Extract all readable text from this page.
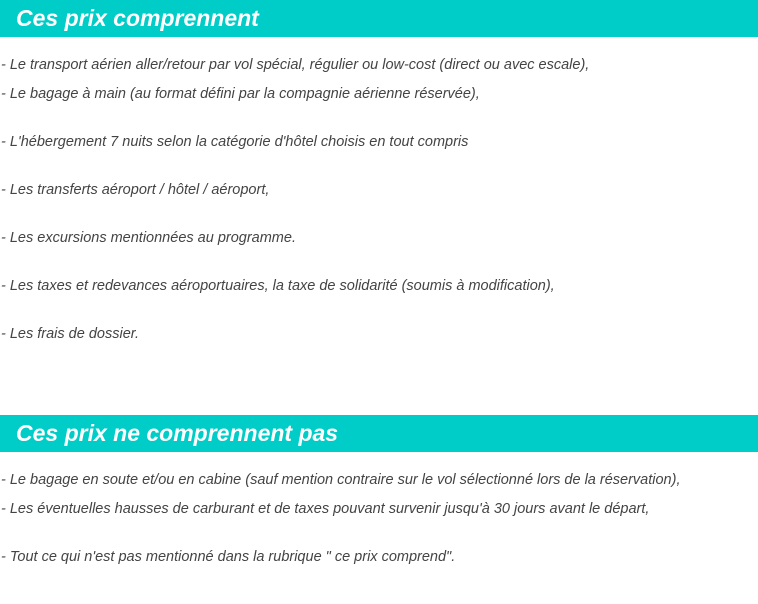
Ces prix comprennent
- Le transport aérien aller/retour par vol spécial, régulier ou low-cost (direct ou avec escale),
- Le bagage à main (au format défini par la compagnie aérienne réservée),
- L'hébergement 7 nuits selon la catégorie d'hôtel choisis en tout compris
- Les transferts aéroport / hôtel / aéroport,
- Les excursions mentionnées au programme.
- Les taxes et redevances aéroportuaires, la taxe de solidarité (soumis à modification),
- Les frais de dossier.
Ces prix ne comprennent pas
- Le bagage en soute et/ou en cabine (sauf mention contraire sur le vol sélectionné lors de la réservation),
- Les éventuelles hausses de carburant et de taxes pouvant survenir jusqu'à 30 jours avant le départ,
- Tout ce qui n'est pas mentionné dans la rubrique " ce prix comprend".
